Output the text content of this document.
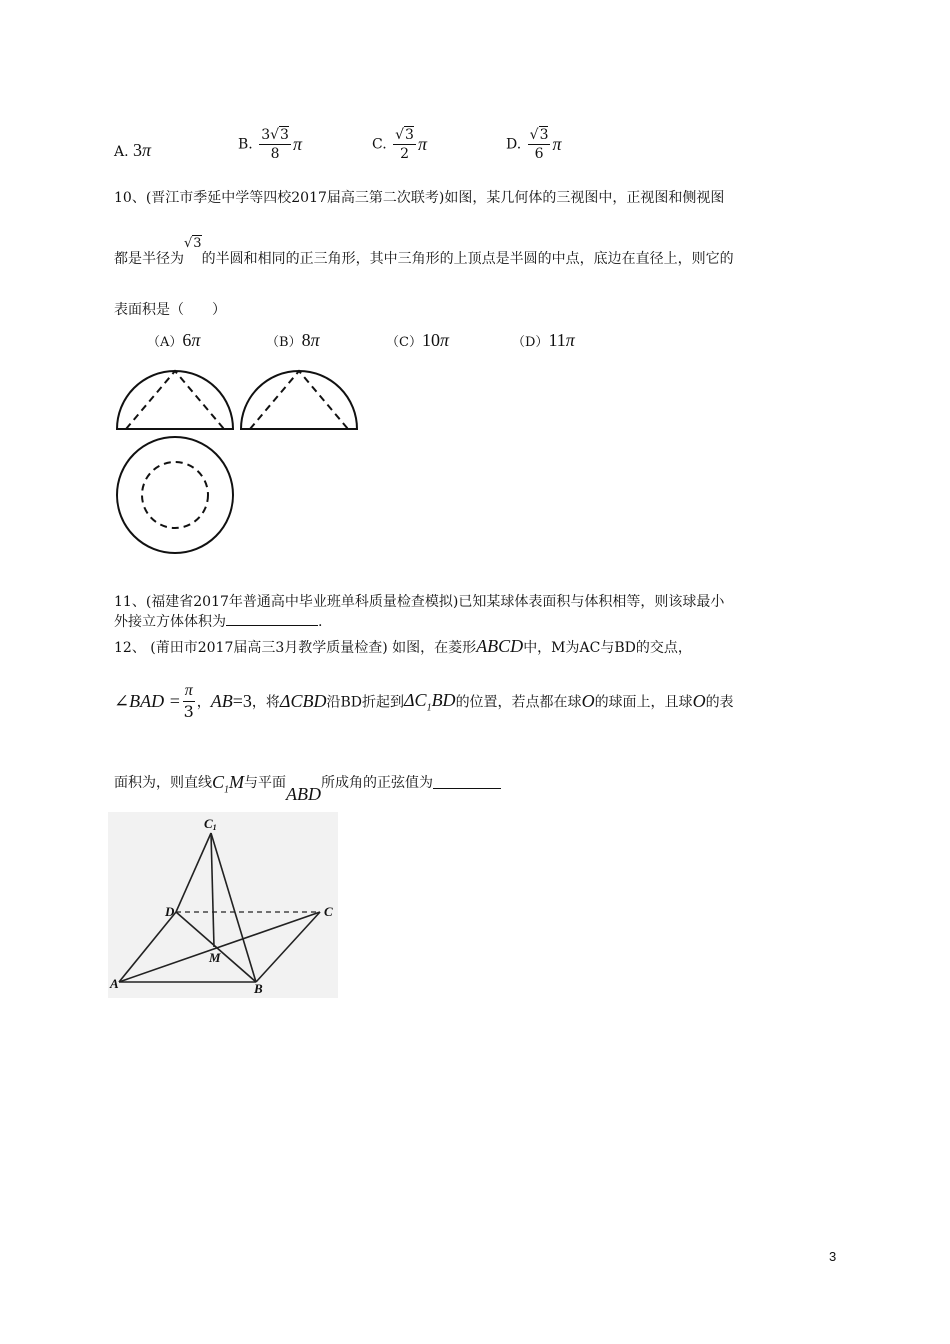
A. 3π	B. $\frac{3√3}{8}$ π	C. $\frac{√3}{2}$ π	D. $\frac{√3}{6}$ π
10、(晋江市季延中学等四校2017届高三第二次联考)如图，某几何体的三视图中，正视图和侧视图
都是半径为√3的半圆和相同的正三角形，其中三角形的上顶点是半圆的中点，底边在直径上，则它的
表面积是（　　）
（A）6π	（B）8π	（C）10π	（D）11π
11、(福建省2017年普通高中毕业班单科质量检查模拟)已知某球体表面积与体积相等，则该球最小
外接立方体体积为	.
12、 (莆田市2017届高三3月教学质量检查) 如图，在菱形ABCD中，M为AC与BD的交点，
∠BAD = $\frac{\pi}{3}$ ，AB=3，将ΔCBD沿BD折起到$\Delta C_1BD$的位置，若点都在球O的球面上，且球O的表
面积为，则直线$C_1M$与平面ABD所成角的正弦值为
C1
D	C
M
A	B
3
